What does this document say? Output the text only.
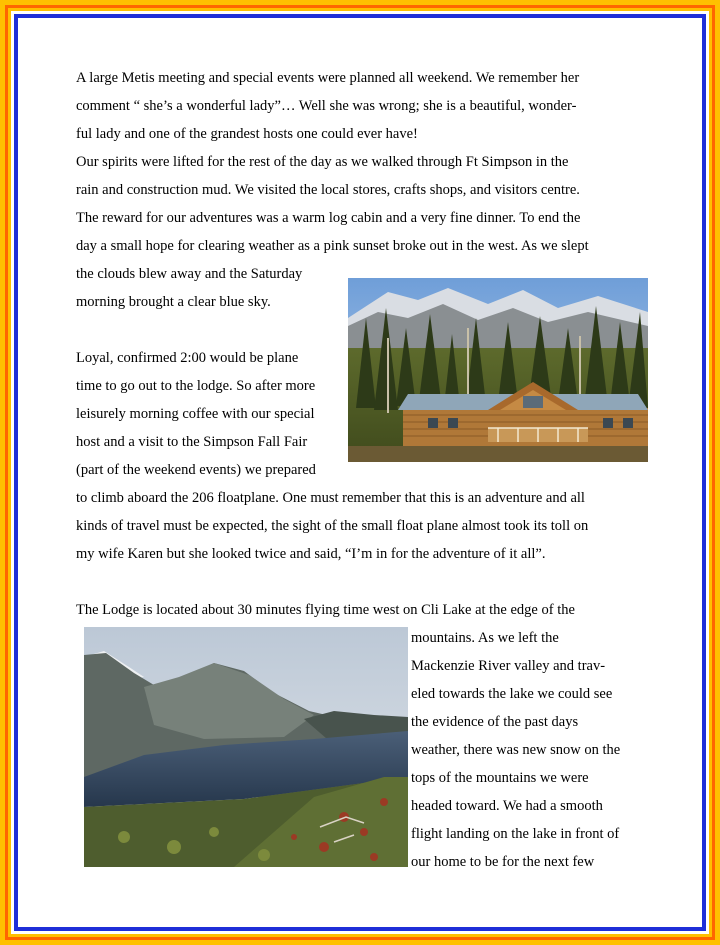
A large Metis meeting and special events were planned all weekend. We remember her
comment “ she’s a wonderful lady”… Well she was wrong; she is a beautiful, wonder-
ful lady and one of the grandest hosts one could ever have!
Our spirits were lifted for the rest of the day as we walked through Ft Simpson in the
rain and construction mud. We visited the local stores, crafts shops, and visitors centre.
The reward for our adventures was a warm log cabin and a very fine dinner. To end the
day a small hope for clearing weather as a pink sunset broke out in the west. As we slept
the clouds blew away and the Saturday
morning brought a clear blue sky.
Loyal, confirmed 2:00 would be plane
time to go out to the lodge. So after more
leisurely morning coffee with our special
host and a visit to the Simpson Fall Fair
(part of the weekend events) we prepared
to climb aboard the 206 floatplane. One must remember that this is an adventure and all
kinds of travel must be expected, the sight of the small float plane almost took its toll on
my wife Karen but she looked twice and said, “I’m in for the adventure of it all”.
The Lodge is located about 30 minutes flying time west on Cli Lake at the edge of the
mountains. As we left the
Mackenzie River valley and trav-
eled towards the lake we could see
the evidence of the past days
weather, there was new snow on the
tops of the mountains we were
headed toward. We had a smooth
flight landing on the lake in front of
our home to be for the next few
